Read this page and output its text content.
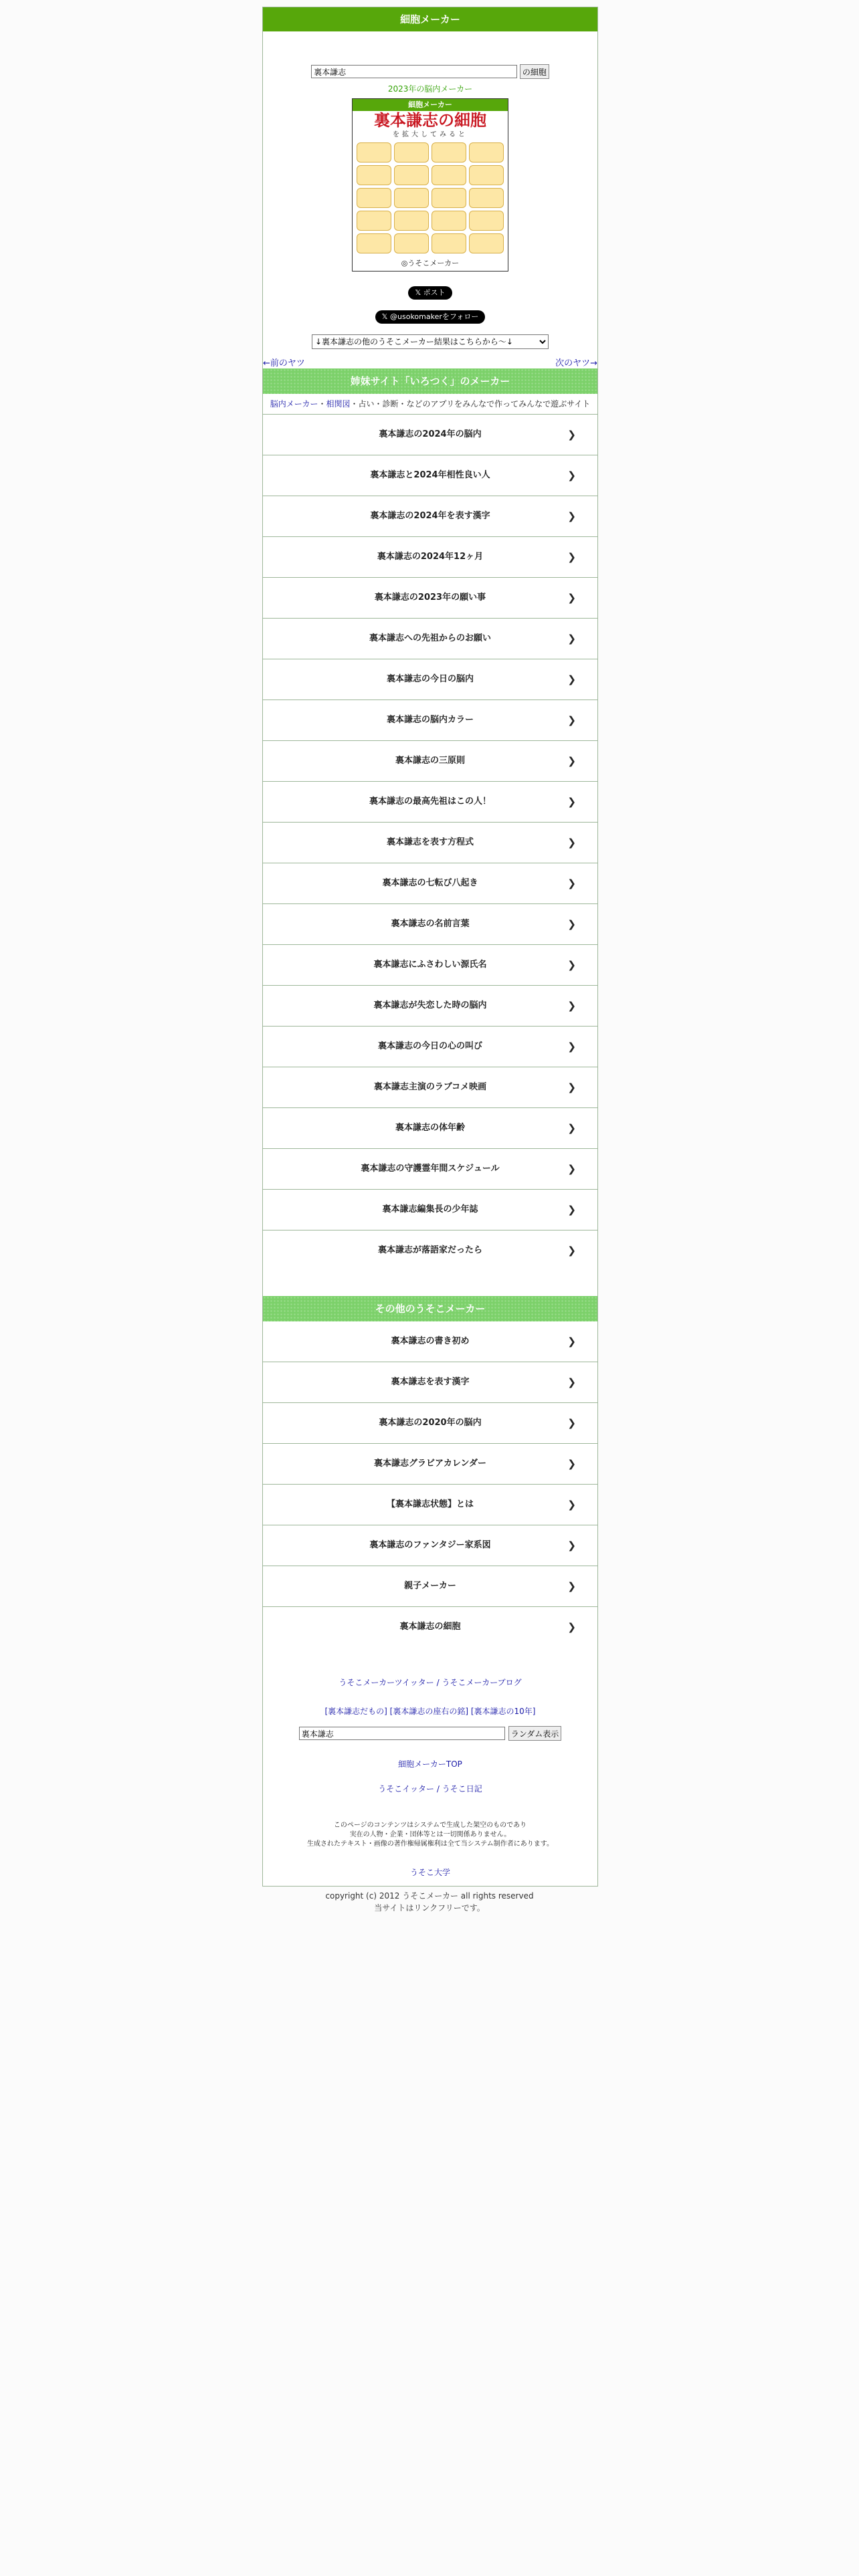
細胞メーカー
裏本謙志 の細胞
2023年の脳内メーカー
細胞メーカー
裏本謙志の細胞
を拡大してみると
◎うそこメーカー
𝕏 ポスト
𝕏 @usokomakerをフォロー
↓裏本謙志の他のうそこメーカー結果はこちらから～↓
←前のヤツ	次のヤツ→
姉妹サイト「いろつく」のメーカー
脳内メーカー・相関図・占い・診断・などのアプリをみんなで作ってみんなで遊ぶサイト
裏本謙志の2024年の脳内	❯
裏本謙志と2024年相性良い人	❯
裏本謙志の2024年を表す漢字	❯
裏本謙志の2024年12ヶ月	❯
裏本謙志の2023年の願い事	❯
裏本謙志への先祖からのお願い	❯
裏本謙志の今日の脳内	❯
裏本謙志の脳内カラー	❯
裏本謙志の三原則	❯
裏本謙志の最高先祖はこの人！	❯
裏本謙志を表す方程式	❯
裏本謙志の七転び八起き	❯
裏本謙志の名前言葉	❯
裏本謙志にふさわしい源氏名	❯
裏本謙志が失恋した時の脳内	❯
裏本謙志の今日の心の叫び	❯
裏本謙志主演のラブコメ映画	❯
裏本謙志の体年齢	❯
裏本謙志の守護霊年間スケジュール	❯
裏本謙志編集長の少年誌	❯
裏本謙志が落語家だったら	❯
その他のうそこメーカー
裏本謙志の書き初め	❯
裏本謙志を表す漢字	❯
裏本謙志の2020年の脳内	❯
裏本謙志グラビアカレンダー	❯
【裏本謙志状態】とは	❯
裏本謙志のファンタジー家系図	❯
親子メーカー	❯
裏本謙志の細胞	❯
うそこメーカーツイッター / うそこメーカーブログ
[裏本謙志だもの] [裏本謙志の座右の銘] [裏本謙志の10年]
裏本謙志 ランダム表示
細胞メーカーTOP
うそこイッター / うそこ日記
このページのコンテンツはシステムで生成した架空のものであり
実在の人物・企業・団体等とは一切関係ありません。
生成されたテキスト・画像の著作権帰属権利は全て当システム制作者にあります。
うそこ大学
copyright (c) 2012 うそこメーカー all rights reserved
当サイトはリンクフリーです。
